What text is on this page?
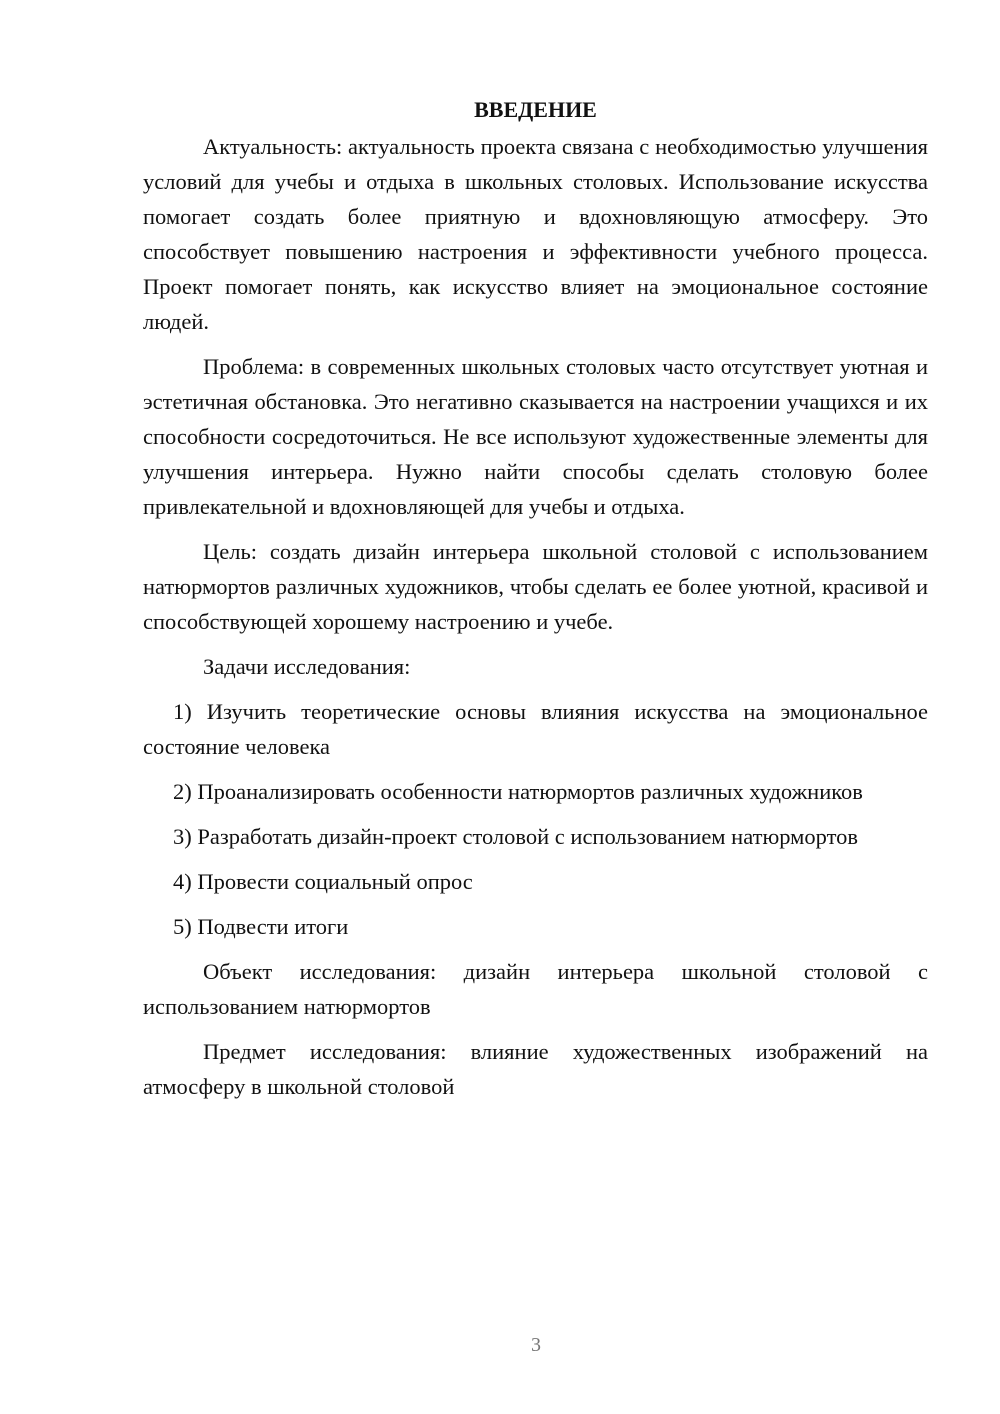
ВВЕДЕНИЕ

Актуальность: актуальность проекта связана с необходимостью улучшения условий для учебы и отдыха в школьных столовых. Использование искусства помогает создать более приятную и вдохновляющую атмосферу. Это способствует повышению настроения и эффективности учебного процесса. Проект помогает понять, как искусство влияет на эмоциональное состояние людей.

Проблема: в современных школьных столовых часто отсутствует уютная и эстетичная обстановка. Это негативно сказывается на настроении учащихся и их способности сосредоточиться. Не все используют художественные элементы для улучшения интерьера. Нужно найти способы сделать столовую более привлекательной и вдохновляющей для учебы и отдыха.

Цель: создать дизайн интерьера школьной столовой с использованием натюрмортов различных художников, чтобы сделать ее более уютной, красивой и способствующей хорошему настроению и учебе.

Задачи исследования:

1) Изучить теоретические основы влияния искусства на эмоциональное состояние человека

2) Проанализировать особенности натюрмортов различных художников

3) Разработать дизайн-проект столовой с использованием натюрмортов

4) Провести социальный опрос

5) Подвести итоги

Объект исследования: дизайн интерьера школьной столовой с использованием натюрмортов

Предмет исследования: влияние художественных изображений на атмосферу в школьной столовой

3
